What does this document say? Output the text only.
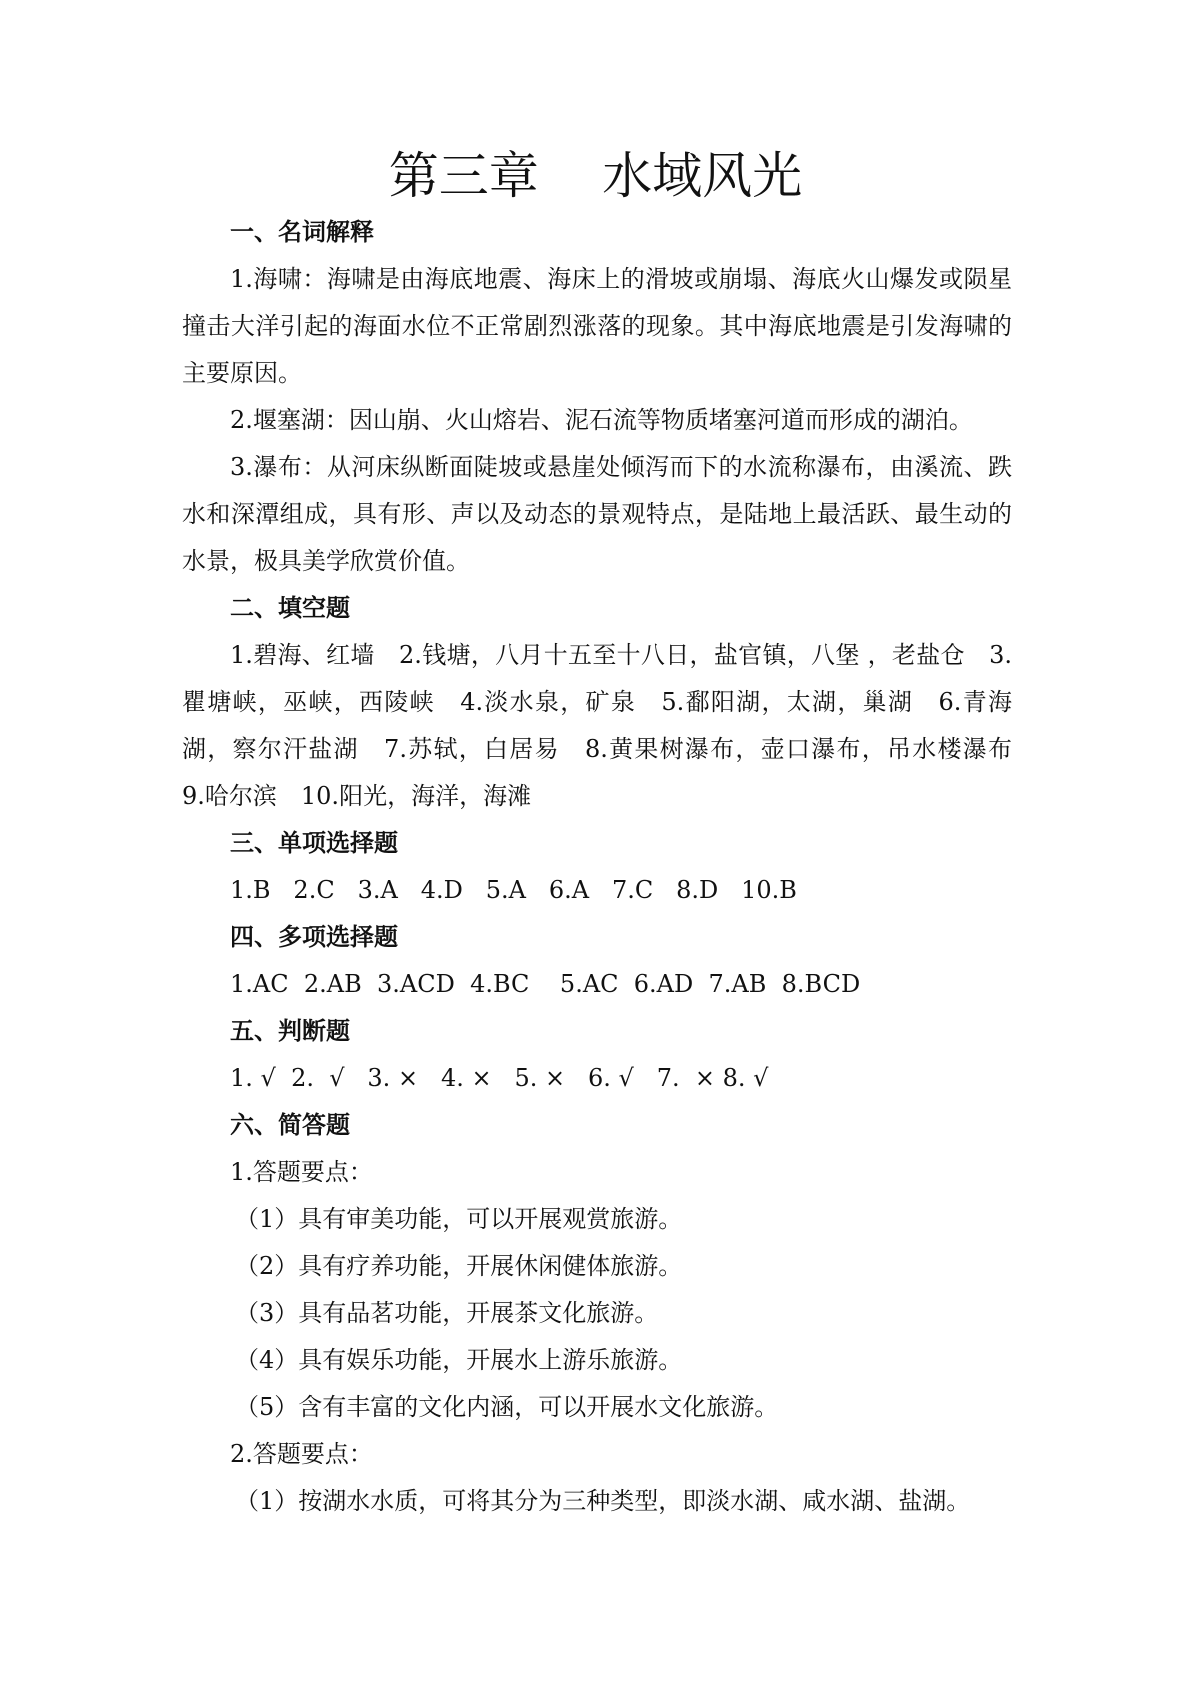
第三章    水域风光

一、名词解释

1.海啸：海啸是由海底地震、海床上的滑坡或崩塌、海底火山爆发或陨星撞击大洋引起的海面水位不正常剧烈涨落的现象。其中海底地震是引发海啸的主要原因。

2.堰塞湖：因山崩、火山熔岩、泥石流等物质堵塞河道而形成的湖泊。

3.瀑布：从河床纵断面陡坡或悬崖处倾泻而下的水流称瀑布，由溪流、跌水和深潭组成，具有形、声以及动态的景观特点，是陆地上最活跃、最生动的水景，极具美学欣赏价值。

二、填空题

1.碧海、红墙　2.钱塘，八月十五至十八日，盐官镇，八堡 ，老盐仓　3.瞿塘峡，巫峡，西陵峡　4.淡水泉，矿泉　5.鄱阳湖，太湖，巢湖　6.青海湖，察尔汗盐湖　7.苏轼，白居易　8.黄果树瀑布，壶口瀑布，吊水楼瀑布　9.哈尔滨　10.阳光，海洋，海滩

三、单项选择题

1.B   2.C   3.A   4.D   5.A   6.A   7.C   8.D   10.B

四、多项选择题

1.AC  2.AB  3.ACD  4.BC    5.AC  6.AD  7.AB  8.BCD

五、判断题

1. √  2.  √   3. ×   4. ×   5. ×   6. √   7.  × 8. √

六、简答题

1.答题要点：

（1）具有审美功能，可以开展观赏旅游。

（2）具有疗养功能，开展休闲健体旅游。

（3）具有品茗功能，开展茶文化旅游。

（4）具有娱乐功能，开展水上游乐旅游。

（5）含有丰富的文化内涵，可以开展水文化旅游。

2.答题要点：

（1）按湖水水质，可将其分为三种类型，即淡水湖、咸水湖、盐湖。
